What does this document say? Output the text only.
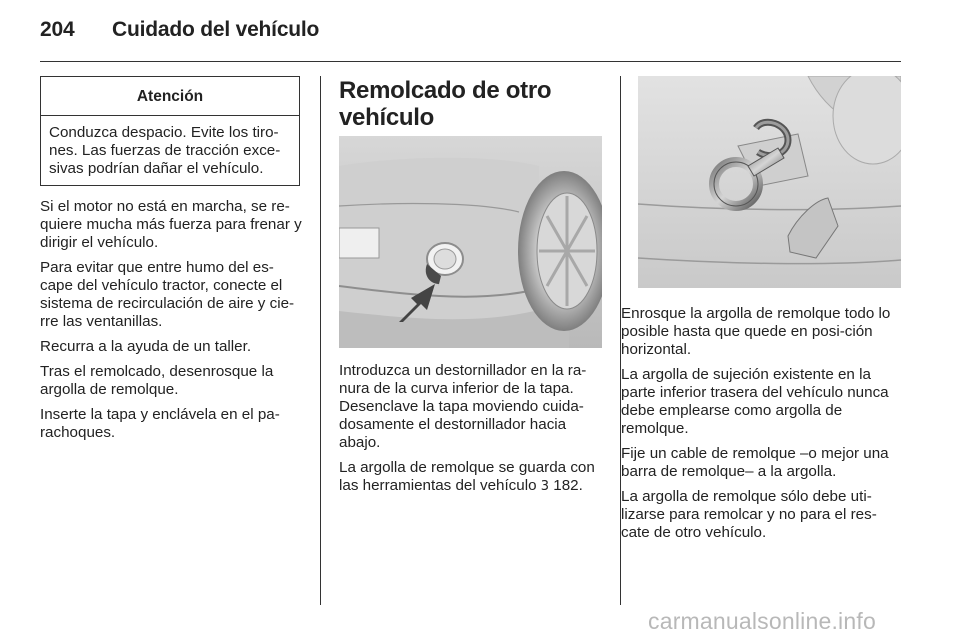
204 Cuidado del vehículo
Atención
Conduzca despacio. Evite los tiro-nes. Las fuerzas de tracción exce-sivas podrían dañar el vehículo.

Si el motor no está en marcha, se re-quiere mucha más fuerza para frenar y dirigir el vehículo.

Para evitar que entre humo del es-cape del vehículo tractor, conecte el sistema de recirculación de aire y cie-rre las ventanillas.

Recurra a la ayuda de un taller.

Tras el remolcado, desenrosque la argolla de remolque.

Inserte la tapa y enclávela en el pa-rachoques.

Remolcado de otro vehículo

Introduzca un destornillador en la ra-nura de la curva inferior de la tapa. Desenclave la tapa moviendo cuida-dosamente el destornillador hacia abajo.

La argolla de remolque se guarda con las herramientas del vehículo 3 182.

Enrosque la argolla de remolque todo lo posible hasta que quede en posi-ción horizontal.

La argolla de sujeción existente en la parte inferior trasera del vehículo nunca debe emplearse como argolla de remolque.

Fije un cable de remolque –o mejor una barra de remolque– a la argolla.

La argolla de remolque sólo debe uti-lizarse para remolcar y no para el res-cate de otro vehículo.

carmanualsonline.info
